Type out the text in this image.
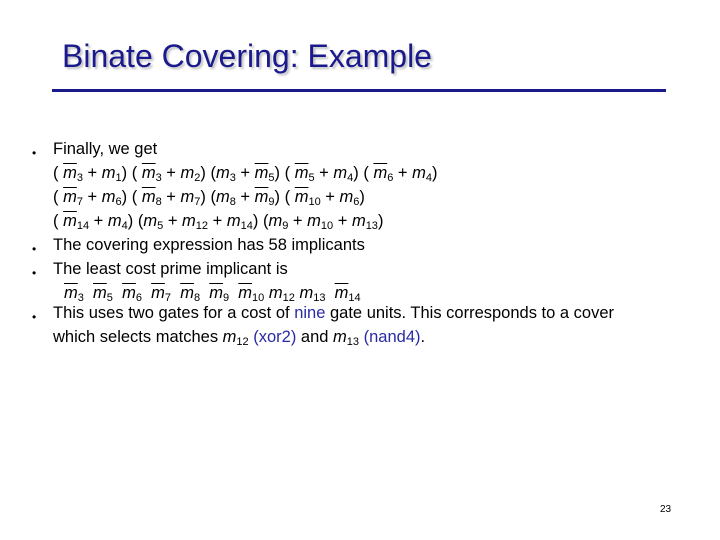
Binate Covering: Example
• Finally, we get
( $\overline{m}_3 + m_1$) ( $\overline{m}_3 + m_2$) $(m_3 + \overline{m}_5)$ ( $\overline{m}_5 + m_4$) ( $\overline{m}_6 + m_4$)
( $\overline{m}_7 + m_6$) ( $\overline{m}_8 + m_7$) $(m_8 + \overline{m}_9)$ ( $\overline{m}_{10} + m_6$)
( $\overline{m}_{14} + m_4$) $(m_5 + m_{12} + m_{14}) (m_9 + m_{10} + m_{13})$
• The covering expression has 58 implicants
• The least cost prime implicant is
$\overline{m}_3$ $\overline{m}_5$ $\overline{m}_6$ $\overline{m}_7$ $\overline{m}_8$ $\overline{m}_9$ $\overline{m}_{10}$ $m_{12}$ $m_{13}$ $\overline{m}_{14}$
• This uses two gates for a cost of nine gate units. This corresponds to a cover
which selects matches $m_{12}$ (xor2) and $m_{13}$ (nand4).
23
